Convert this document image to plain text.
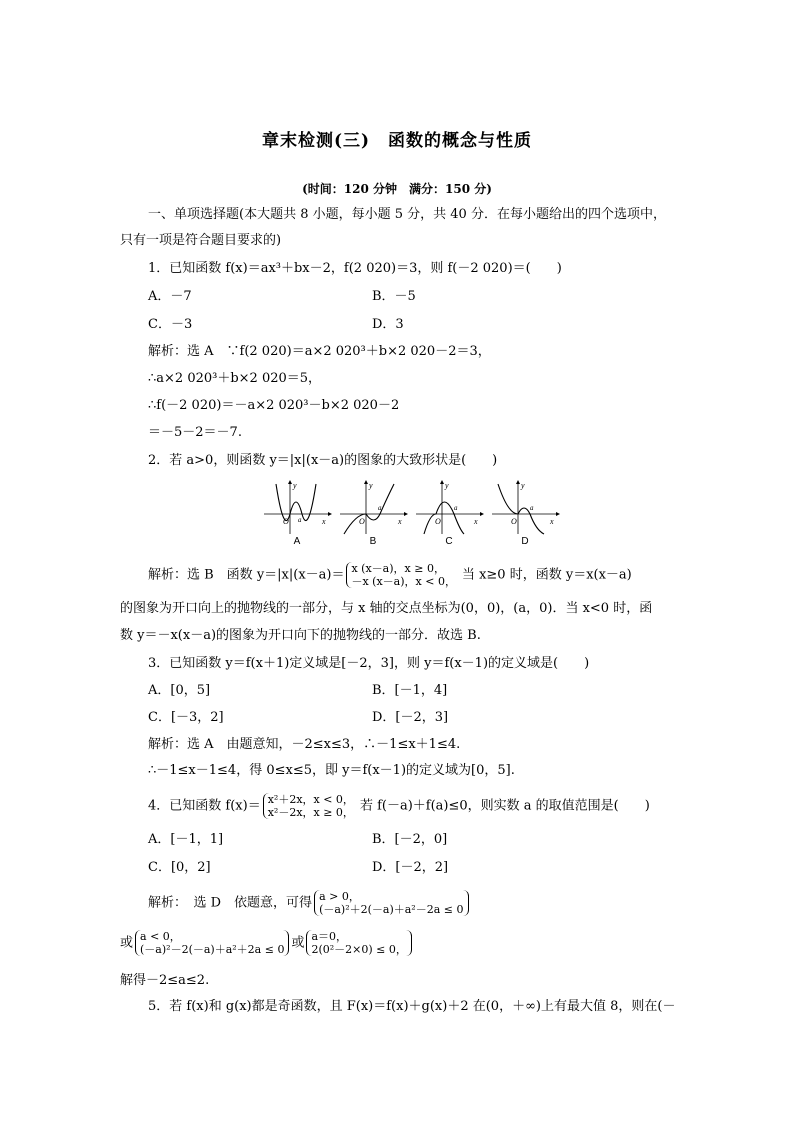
章末检测(三)　函数的概念与性质
(时间：120 分钟　满分：150 分)
一、单项选择题(本大题共 8 小题，每小题 5 分，共 40 分．在每小题给出的四个选项中，
只有一项是符合题目要求的)
1．已知函数 f(x)＝ax³＋bx－2，f(2 020)＝3，则 f(－2 020)＝(　　)
A．－7	B．－5
C．－3	D．3
解析：选 A　∵f(2 020)＝a×2 020³＋b×2 020－2＝3，
∴a×2 020³＋b×2 020＝5，
∴f(－2 020)＝－a×2 020³－b×2 020－2
＝－5－2＝－7.
2．若 a>0，则函数 y＝|x|(x－a)的图象的大致形状是(　　)
O a	x
y
A
O
a
x
y
B
O
a
x
y
C
O
a
x
y
D
解析：选 B　函数 y＝|x|(x－a)＝ x (x－a)，x ≥ 0，
－x (x－a)，x < 0， 当 x≥0 时，函数 y＝x(x－a)
的图象为开口向上的抛物线的一部分，与 x 轴的交点坐标为(0，0)，(a，0)．当 x<0 时，函
数 y＝－x(x－a)的图象为开口向下的抛物线的一部分．故选 B.
3．已知函数 y＝f(x＋1)定义域是[－2，3]，则 y＝f(x－1)的定义域是(　　)
A．[0，5]	B．[－1，4]
C．[－3，2]	D．[－2，3]
解析：选 A　由题意知，－2≤x≤3，∴－1≤x＋1≤4.
∴－1≤x－1≤4，得 0≤x≤5，即 y＝f(x－1)的定义域为[0，5].
4．已知函数 f(x)＝ x²＋2x，x < 0，
x²－2x，x ≥ 0， 若 f(－a)＋f(a)≤0，则实数 a 的取值范围是(　　)
A．[－1，1]	B．[－2，0]
C．[0，2]	D．[－2，2]
解析：　选 D　依题意，可得 a > 0，
(－a)²＋2(－a)＋a²－2a ≤ 0
或 a < 0，
(－a)²－2(－a)＋a²＋2a ≤ 0 或 a＝0，
2(0²－2×0) ≤ 0，
解得－2≤a≤2.
5．若 f(x)和 g(x)都是奇函数，且 F(x)＝f(x)＋g(x)＋2 在(0，＋∞)上有最大值 8，则在(－
